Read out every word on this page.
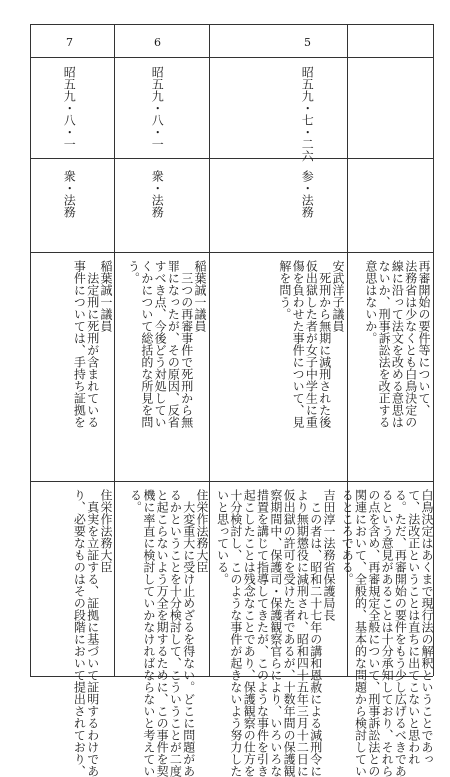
5
6
7
昭五九・七・二六
昭五九・八・一
昭五九・八・一
参・法務
衆・法務
衆・法務
再審開始の要件等について、
法務省は少なくとも白鳥決定の
線に沿って法文を改める意思は
ないか、刑事訴訟法を改正する
意思はないか。
安武洋子議員
　死刑から無期に減刑された後
仮出獄した者が女子中学生に重
傷を負わせた事件について、見
解を問う。
稲葉誠一議員
　三つの再審事件で死刑から無
罪になったが、その原因、反省
すべき点、今後どう対処してい
くかについて総括的な所見を問
う。
稲葉誠一議員
　法定刑に死刑が含まれている
事件については、手持ち証拠を
白鳥決定はあくまで現行法の解釈ということであっ
て、法改正ということは直ちに出てこないと思われ
る。ただ、再審開始の要件をもう少し広げるべきであ
るという意見があることは十分承知しており、それら
の点を含め、再審規定全般について、刑事訴訟法との
関連において、全般的、基本的な問題から検討してい
るところである。
吉田淳一法務省保護局長
　この者は、昭和二十七年の講和恩赦による減刑令に
より無期懲役に減刑され、昭和四十五年三月十二日に
仮出獄の許可を受けた者であるが、十数年間の保護観
察期間中、保護司・保護観察官らにより、いろいろな
措置を講じて指導してきたが、このような事件を引き
起こしたことは残念なことであり、保護観察の仕方を
十分検討し、このような事件が起きないよう努力した
いと思っている。
住栄作法務大臣
　大変重大に受け止めざるを得ない。どこに問題があ
るかということを十分検討して、こういうことが二度
と起こらないよう万全を期するために、この事件を契
機に率直に検討していかなければならないと考えてい
る。
住栄作法務大臣
　真実を立証する、証拠に基づいて証明するわけであ
り、必要なものはその段階において提出されており、
